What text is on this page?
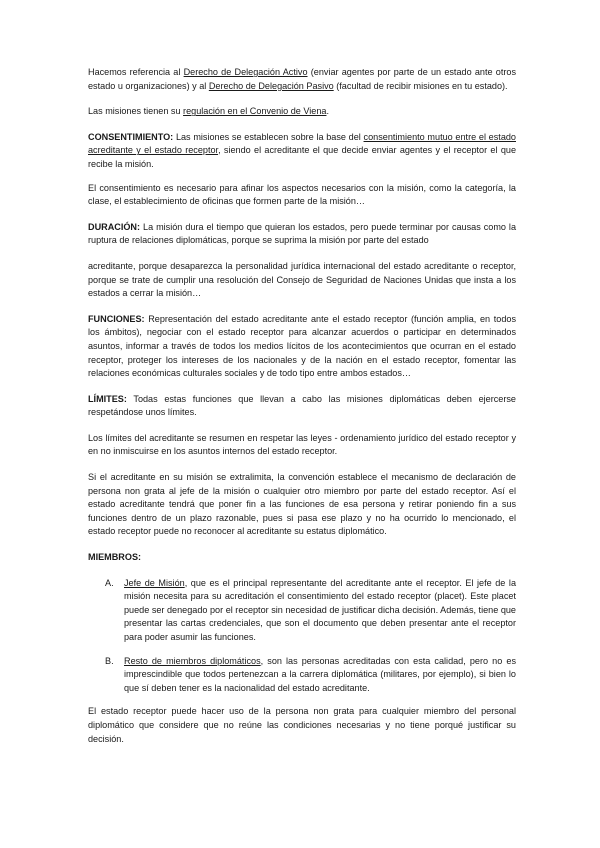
Hacemos referencia al Derecho de Delegación Activo (enviar agentes por parte de un estado ante otros estado u organizaciones) y al Derecho de Delegación Pasivo (facultad de recibir misiones en tu estado).

Las misiones tienen su regulación en el Convenio de Viena.

CONSENTIMIENTO: Las misiones se establecen sobre la base del consentimiento mutuo entre el estado acreditante y el estado receptor, siendo el acreditante el que decide enviar agentes y el receptor el que recibe la misión.

El consentimiento es necesario para afinar los aspectos necesarios con la misión, como la categoría, la clase, el establecimiento de oficinas que formen parte de la misión…

DURACIÓN: La misión dura el tiempo que quieran los estados, pero puede terminar por causas como la ruptura de relaciones diplomáticas, porque se suprima la misión por parte del estado

acreditante, porque desaparezca la personalidad jurídica internacional del estado acreditante o receptor, porque se trate de cumplir una resolución del Consejo de Seguridad de Naciones Unidas que insta a los estados a cerrar la misión…

FUNCIONES: Representación del estado acreditante ante el estado receptor (función amplia, en todos los ámbitos), negociar con el estado receptor para alcanzar acuerdos o participar en determinados asuntos, informar a través de todos los medios lícitos de los acontecimientos que ocurran en el estado receptor, proteger los intereses de los nacionales y de la nación en el estado receptor, fomentar las relaciones económicas culturales sociales y de todo tipo entre ambos estados…

LÍMITES: Todas estas funciones que llevan a cabo las misiones diplomáticas deben ejercerse respetándose unos límites.

Los límites del acreditante se resumen en respetar las leyes - ordenamiento jurídico del estado receptor y en no inmiscuirse en los asuntos internos del estado receptor.

Si el acreditante en su misión se extralimita, la convención establece el mecanismo de declaración de persona non grata al jefe de la misión o cualquier otro miembro por parte del estado receptor. Así el estado acreditante tendrá que poner fin a las funciones de esa persona y retirar poniendo fin a sus funciones dentro de un plazo razonable, pues si pasa ese plazo y no ha ocurrido lo mencionado, el estado receptor puede no reconocer al acreditante su estatus diplomático.

MIEMBROS:
A. Jefe de Misión, que es el principal representante del acreditante ante el receptor. El jefe de la misión necesita para su acreditación el consentimiento del estado receptor (placet). Este placet puede ser denegado por el receptor sin necesidad de justificar dicha decisión. Además, tiene que presentar las cartas credenciales, que son el documento que deben presentar ante el receptor para poder asumir las funciones.
B. Resto de miembros diplomáticos, son las personas acreditadas con esta calidad, pero no es imprescindible que todos pertenezcan a la carrera diplomática (militares, por ejemplo), si bien lo que sí deben tener es la nacionalidad del estado acreditante.

El estado receptor puede hacer uso de la persona non grata para cualquier miembro del personal diplomático que considere que no reúne las condiciones necesarias y no tiene porqué justificar su decisión.
